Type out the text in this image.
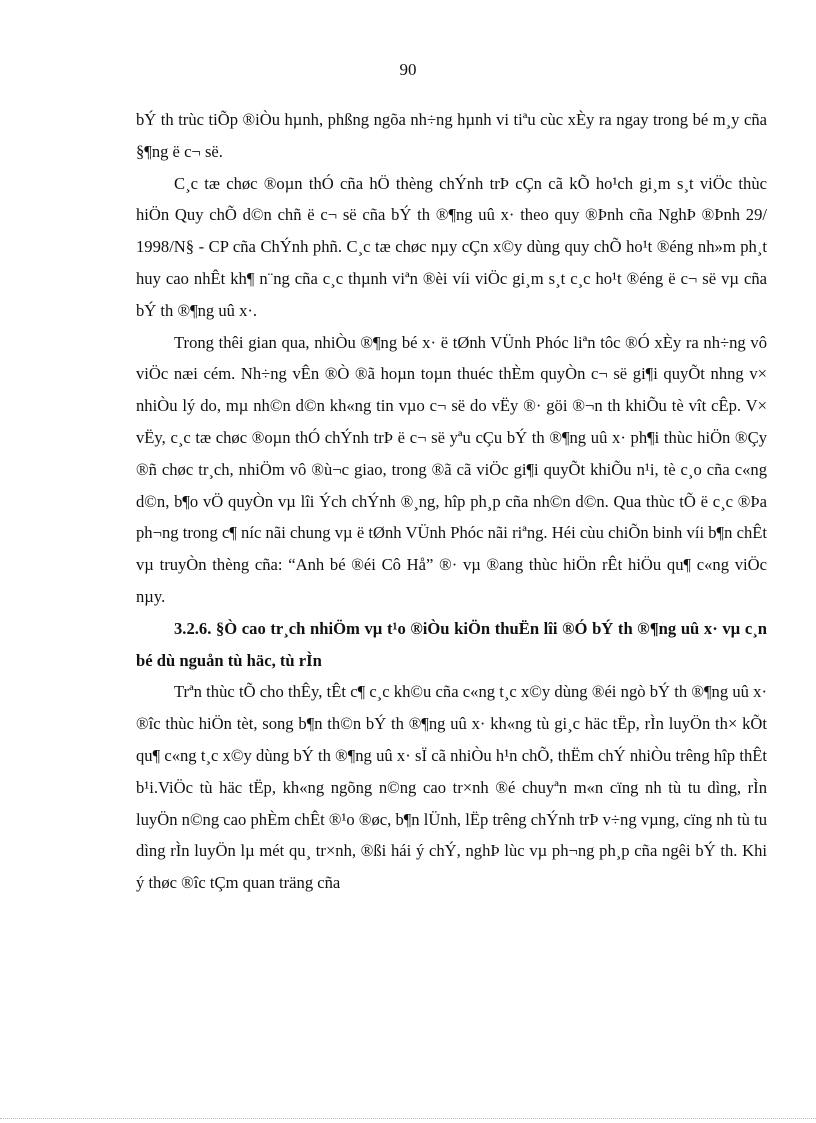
90

bÝ th trùc tiÕp ®iÒu hµnh, phßng ngõa nh÷ng hµnh vi tiªu cùc xÈy ra ngay trong bé m¸y cña §¶ng ë c¬ së.

C¸c tæ chøc ®oµn thÓ cña hÖ thèng chÝnh trÞ cÇn cã kÕ ho¹ch gi¸m s¸t viÖc thùc hiÖn Quy chÕ d©n chñ ë c¬ së cña bÝ th ®¶ng uû x· theo quy ®Þnh cña NghÞ ®Þnh 29/ 1998/N§ - CP cña ChÝnh phñ. C¸c tæ chøc nµy cÇn x©y dùng quy chÕ ho¹t ®éng nh»m ph¸t huy cao nhÊt kh¶ n¨ng cña c¸c thµnh viªn ®èi víi viÖc gi¸m s¸t c¸c ho¹t ®éng ë c¬ së vµ cña bÝ th ®¶ng uû x·.

Trong thêi gian qua, nhiÒu ®¶ng bé x· ë tØnh VÜnh Phóc liªn tôc ®Ó xÈy ra nh÷ng vô viÖc næi cém. Nh÷ng vÊn ®Ò ®ã hoµn toµn thuéc thÈm quyÒn c¬ së gi¶i quyÕt nhng v× nhiÒu lý do, mµ nh©n d©n kh«ng tin vµo c¬ së do vËy ®· göi ®¬n th khiÕu tè vît cÊp. V× vËy, c¸c tæ chøc ®oµn thÓ chÝnh trÞ ë c¬ së yªu cÇu bÝ th ®¶ng uû x· ph¶i thùc hiÖn ®Çy ®ñ chøc tr¸ch, nhiÖm vô ®ù¬c giao, trong ®ã cã viÖc gi¶i quyÕt khiÕu n¹i, tè c¸o cña c«ng d©n, b¶o vÖ quyÒn vµ lîi Ých chÝnh ®¸ng, hîp ph¸p cña nh©n d©n. Qua thùc tÕ ë c¸c ®Þa ph¬ng trong c¶ níc nãi chung vµ ë tØnh VÜnh Phóc nãi riªng. Héi cùu chiÕn binh víi b¶n chÊt vµ truyÒn thèng cña: “Anh bé ®éi Cô Hå” ®· vµ ®ang thùc hiÖn rÊt hiÖu qu¶ c«ng viÖc nµy.

3.2.6. §Ò cao tr¸ch nhiÖm vµ t¹o ®iÒu kiÖn thuËn lîi ®Ó bÝ th ®¶ng uû x· vµ c¸n bé dù nguån tù häc, tù rÌn

Trªn thùc tÕ cho thÊy, tÊt c¶ c¸c kh©u cña c«ng t¸c x©y dùng ®éi ngò bÝ th ®¶ng uû x· ®îc thùc hiÖn tèt, song b¶n th©n bÝ th ®¶ng uû x· kh«ng tù gi¸c häc tËp, rÌn luyÖn th× kÕt qu¶ c«ng t¸c x©y dùng bÝ th ®¶ng uû x· sÏ cã nhiÒu h¹n chÕ, thËm chÝ nhiÒu trêng hîp thÊt b¹i.ViÖc tù häc tËp, kh«ng ngõng n©ng cao tr×nh ®é chuyªn m«n cïng nh tù tu dìng, rÌn luyÖn n©ng cao phÈm chÊt ®¹o ®øc, b¶n lÜnh, lËp trêng chÝnh trÞ v÷ng vµng, cïng nh tù tu dìng rÌn luyÖn lµ mét qu¸ tr×nh, ®ßi hái ý chÝ, nghÞ lùc vµ ph¬ng ph¸p cña ngêi bÝ th. Khi ý thøc ®îc tÇm quan träng cña
